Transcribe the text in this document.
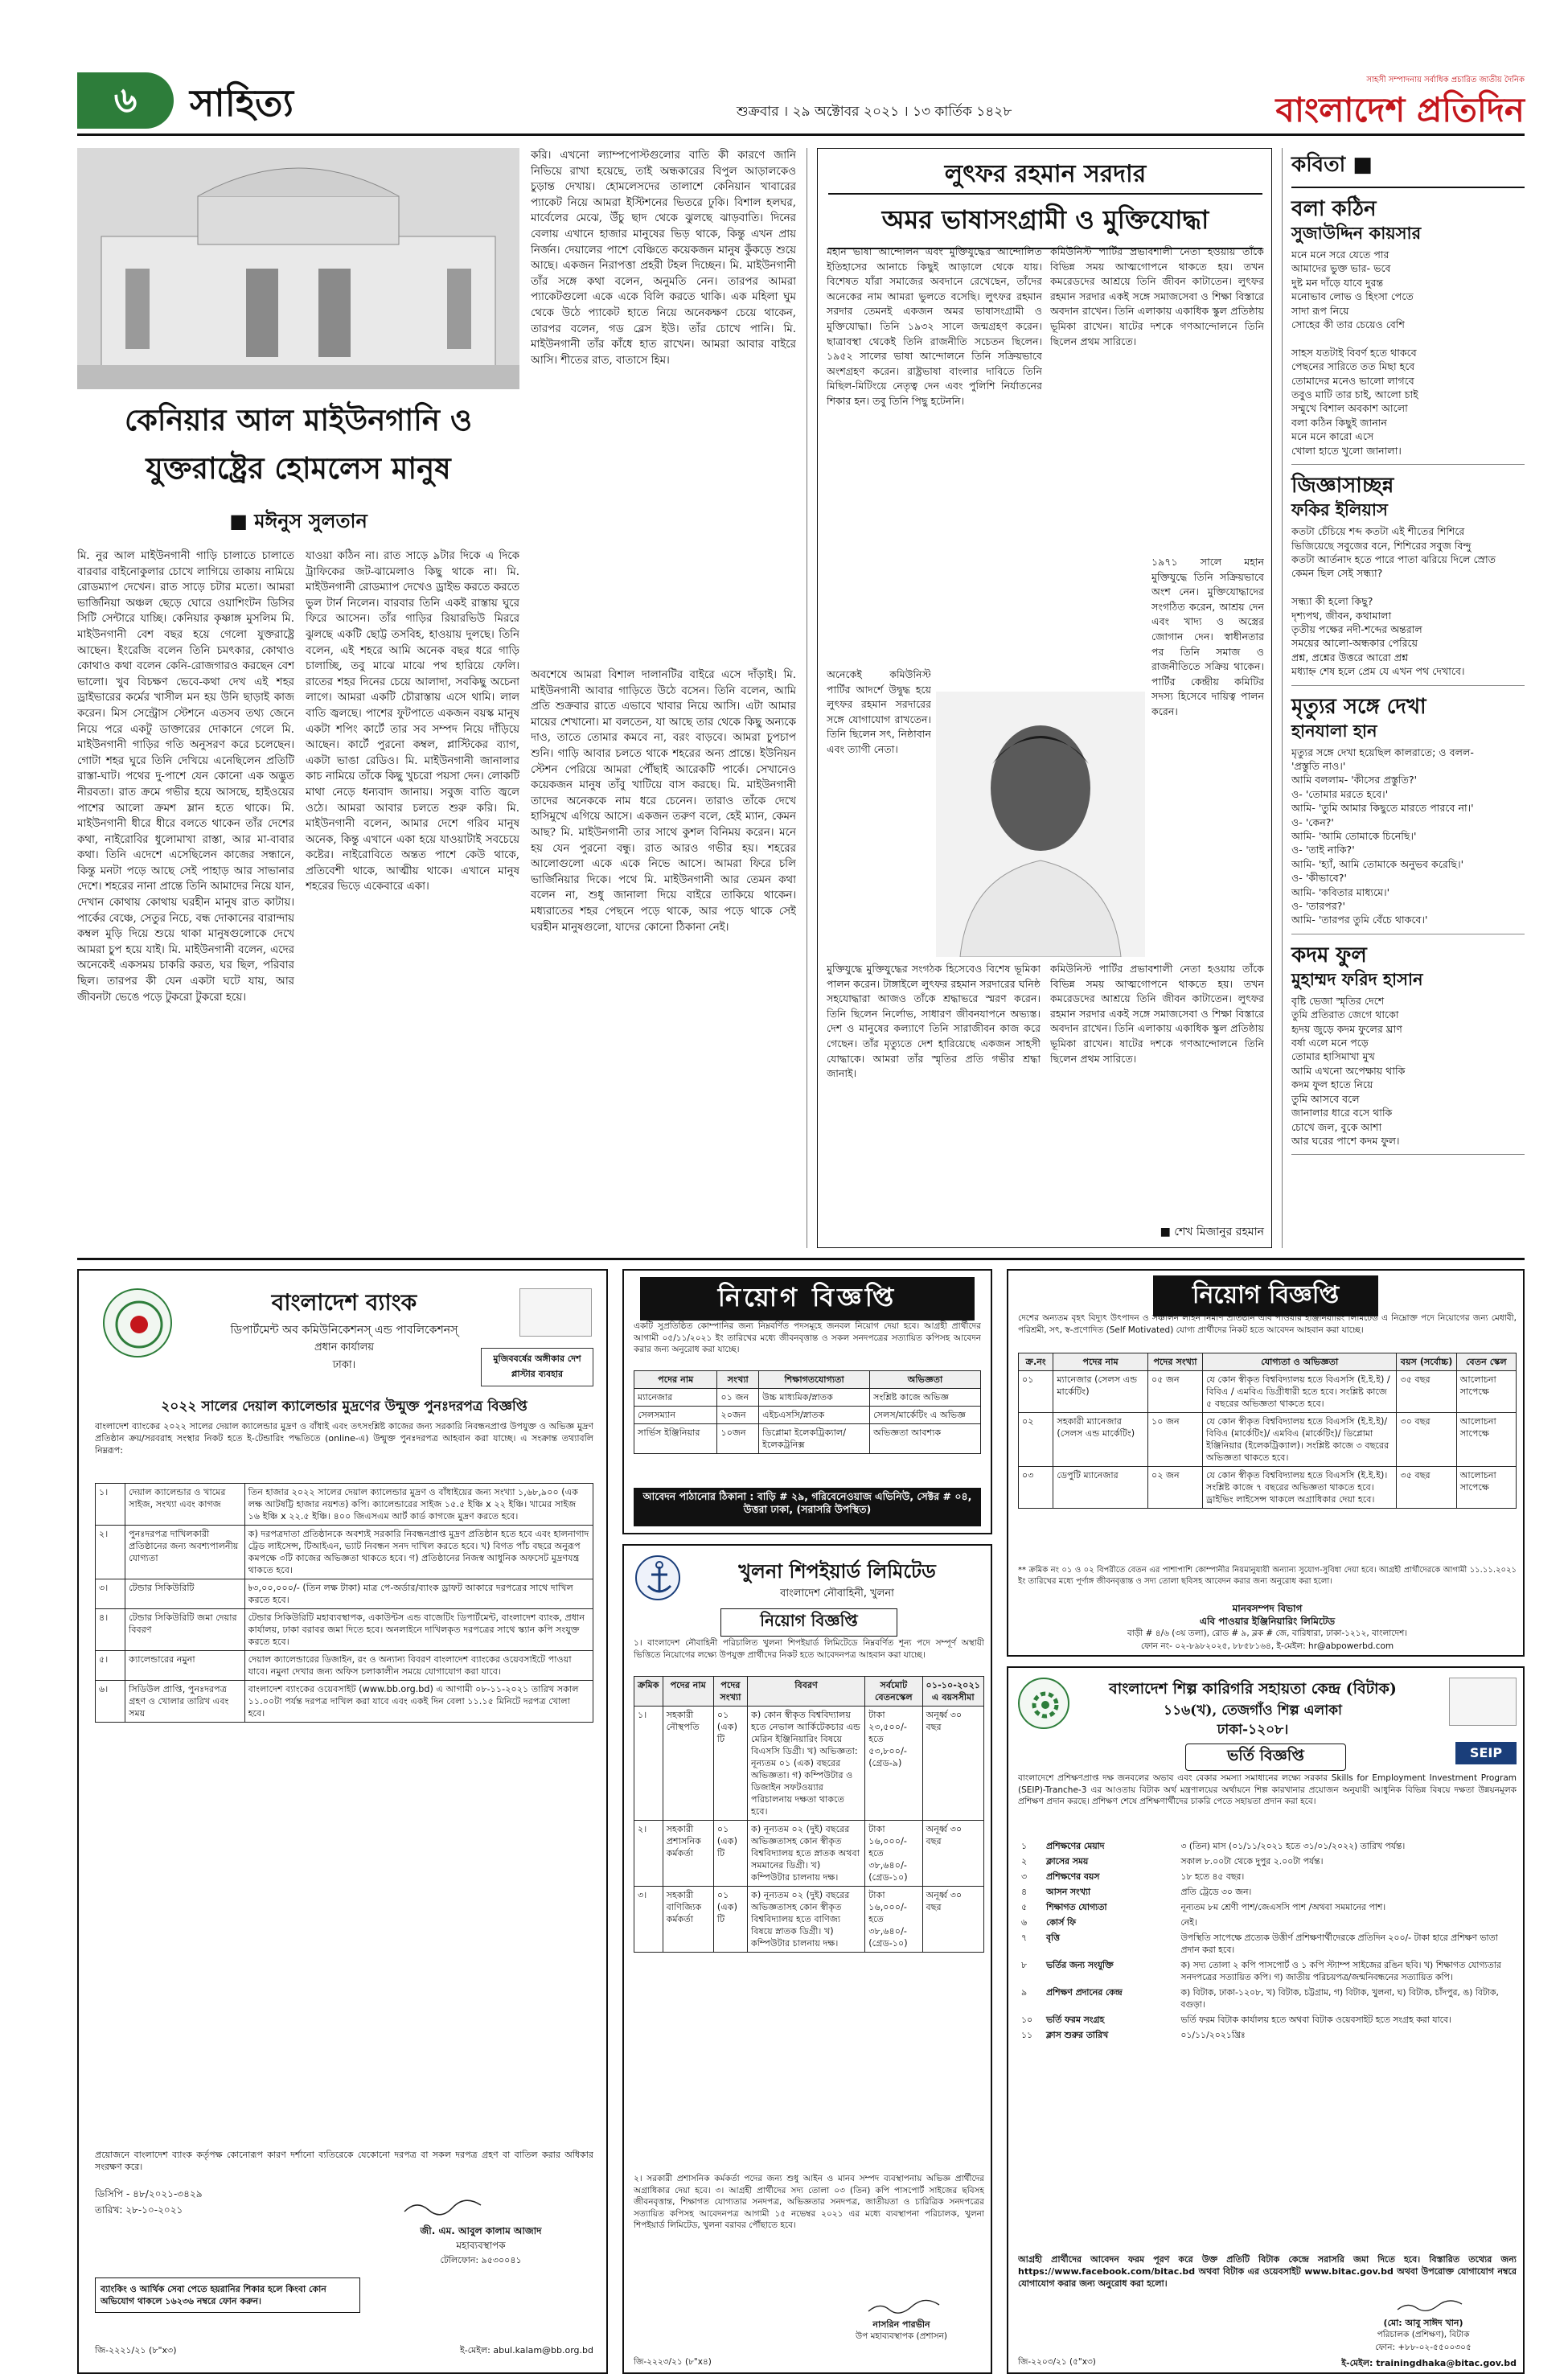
৬	সাহিত্য	শুক্রবার । ২৯ অক্টোবর ২০২১ । ১৩ কার্তিক ১৪২৮
সাহসী সম্পাদনায় সর্বাধিক প্রচারিত জাতীয় দৈনিক
বাংলাদেশ প্রতিদিন
কেনিয়ার আল মাইউনগানি ও
যুক্তরাষ্ট্রের হোমলেস মানুষ
■ মঈনুস সুলতান
মি. নুর আল মাইউনগানী গাড়ি চালাতে চালাতে বারবার বাইনোকুলার চোখে লাগিয়ে তাকায় নামিয়ে রোডম্যাপ দেখেন। রাত সাড়ে চটার মতো। আমরা ভার্জিনিয়া অঞ্চল ছেড়ে ঘোরে ওয়াশিংটন ডিসির সিটি সেন্টারে যাচ্ছি। কেনিয়ার কৃষ্ণাঙ্গ মুসলিম মি. মাইউনগানী বেশ বছর হয়ে গেলো যুক্তরাষ্ট্রে আছেন। ইংরেজি বলেন তিনি চমৎকার, কোথাও কোথাও কথা বলেন কেনি-রোজগারও করছেন বেশ ভালো। খুব বিচক্ষণ ভেবে-কথা দেখ এই শহর ড্রাইভারের কর্মের খাসীল মন হয় উনি ছাড়াই কাজ করেন। মিস সেন্ট্রোস স্টেশনে এতসব তথ্য জেনে নিয়ে পরে একটু ডাক্তারের দোকানে গেলে মি. মাইউনগানী গাড়ির গতি অনুসরণ করে চলেছেন। গোটা শহর ঘুরে তিনি দেখিয়ে এনেছিলেন প্রতিটি রাস্তা-ঘাট। পথের দু-পাশে যেন কোনো এক অদ্ভুত নীরবতা। রাত ক্রমে গভীর হয়ে আসছে, হাইওয়ের পাশের আলো ক্রমশ ম্লান হতে থাকে। মি. মাইউনগানী ধীরে ধীরে বলতে থাকেন তাঁর দেশের কথা, নাইরোবির ধুলোমাখা রাস্তা, আর মা-বাবার কথা। তিনি এদেশে এসেছিলেন কাজের সন্ধানে, কিন্তু মনটা পড়ে আছে সেই পাহাড় আর সাভানার দেশে। শহরের নানা প্রান্তে তিনি আমাদের নিয়ে যান, দেখান কোথায় কোথায় ঘরহীন মানুষ রাত কাটায়। পার্কের বেঞ্চে, সেতুর নিচে, বন্ধ দোকানের বারান্দায় কম্বল মুড়ি দিয়ে শুয়ে থাকা মানুষগুলোকে দেখে আমরা চুপ হয়ে যাই। মি. মাইউনগানী বলেন, এদের অনেকেই একসময় চাকরি করত, ঘর ছিল, পরিবার ছিল। তারপর কী যেন একটা ঘটে যায়, আর জীবনটা ভেঙে পড়ে টুকরো টুকরো হয়ে।
যাওয়া কঠিন না। রাত সাড়ে ৯টার দিকে এ দিকে ট্রাফিকের জট-ঝামেলাও কিছু থাকে না। মি. মাইউনগানী রোডম্যাপ দেখেও ড্রাইভ করতে করতে ভুল টার্ন নিলেন। বারবার তিনি একই রাস্তায় ঘুরে ফিরে আসেন। তাঁর গাড়ির রিয়ারভিউ মিররে ঝুলছে একটি ছোট্ট তসবিহ, হাওয়ায় দুলছে। তিনি বলেন, এই শহরে আমি অনেক বছর ধরে গাড়ি চালাচ্ছি, তবু মাঝে মাঝে পথ হারিয়ে ফেলি। রাতের শহর দিনের চেয়ে আলাদা, সবকিছু অচেনা লাগে। আমরা একটি চৌরাস্তায় এসে থামি। লাল বাতি জ্বলছে। পাশের ফুটপাতে একজন বয়স্ক মানুষ একটা শপিং কার্টে তার সব সম্পদ নিয়ে দাঁড়িয়ে আছেন। কার্টে পুরনো কম্বল, প্লাস্টিকের ব্যাগ, একটা ভাঙা রেডিও। মি. মাইউনগানী জানালার কাচ নামিয়ে তাঁকে কিছু খুচরো পয়সা দেন। লোকটি মাথা নেড়ে ধন্যবাদ জানায়। সবুজ বাতি জ্বলে ওঠে। আমরা আবার চলতে শুরু করি। মি. মাইউনগানী বলেন, আমার দেশে গরিব মানুষ অনেক, কিন্তু এখানে একা হয়ে যাওয়াটাই সবচেয়ে কষ্টের। নাইরোবিতে অন্তত পাশে কেউ থাকে, প্রতিবেশী থাকে, আত্মীয় থাকে। এখানে মানুষ শহরের ভিড়ে একেবারে একা।
করি। এখনো ল্যাম্পপোস্টগুলোর বাতি কী কারণে জানি নিভিয়ে রাখা হয়েছে, তাই অন্ধকারের বিপুল আড়ালকেও চুড়ান্ত দেখায়। হোমলেসদের তালাশে কেনিয়ান খাবারের প্যাকেট নিয়ে আমরা ইস্টিশনের ভিতরে ঢুকি। বিশাল হলঘর, মার্বেলের মেঝে, উঁচু ছাদ থেকে ঝুলছে ঝাড়বাতি। দিনের বেলায় এখানে হাজার মানুষের ভিড় থাকে, কিন্তু এখন প্রায় নির্জন। দেয়ালের পাশে বেঞ্চিতে কয়েকজন মানুষ কুঁকড়ে শুয়ে আছে। একজন নিরাপত্তা প্রহরী টহল দিচ্ছেন। মি. মাইউনগানী তাঁর সঙ্গে কথা বলেন, অনুমতি নেন। তারপর আমরা প্যাকেটগুলো একে একে বিলি করতে থাকি। এক মহিলা ঘুম থেকে উঠে প্যাকেট হাতে নিয়ে অনেকক্ষণ চেয়ে থাকেন, তারপর বলেন, গড ব্লেস ইউ। তাঁর চোখে পানি। মি. মাইউনগানী তাঁর কাঁধে হাত রাখেন। আমরা আবার বাইরে আসি। শীতের রাত, বাতাসে হিম।
অবশেষে আমরা বিশাল দালানটির বাইরে এসে দাঁড়াই। মি. মাইউনগানী আবার গাড়িতে উঠে বসেন। তিনি বলেন, আমি প্রতি শুক্রবার রাতে এভাবে খাবার নিয়ে আসি। এটা আমার মায়ের শেখানো। মা বলতেন, যা আছে তার থেকে কিছু অন্যকে দাও, তাতে তোমার কমবে না, বরং বাড়বে। আমরা চুপচাপ শুনি। গাড়ি আবার চলতে থাকে শহরের অন্য প্রান্তে। ইউনিয়ন স্টেশন পেরিয়ে আমরা পৌঁছাই আরেকটি পার্কে। সেখানেও কয়েকজন মানুষ তাঁবু খাটিয়ে বাস করছে। মি. মাইউনগানী তাদের অনেককে নাম ধরে চেনেন। তারাও তাঁকে দেখে হাসিমুখে এগিয়ে আসে। একজন তরুণ বলে, হেই ম্যান, কেমন আছ? মি. মাইউনগানী তার সাথে কুশল বিনিময় করেন। মনে হয় যেন পুরনো বন্ধু। রাত আরও গভীর হয়। শহরের আলোগুলো একে একে নিভে আসে। আমরা ফিরে চলি ভার্জিনিয়ার দিকে। পথে মি. মাইউনগানী আর তেমন কথা বলেন না, শুধু জানালা দিয়ে বাইরে তাকিয়ে থাকেন। মধ্যরাতের শহর পেছনে পড়ে থাকে, আর পড়ে থাকে সেই ঘরহীন মানুষগুলো, যাদের কোনো ঠিকানা নেই।
লুৎফর রহমান সরদার
অমর ভাষাসংগ্রামী ও মুক্তিযোদ্ধা
মহান ভাষা আন্দোলন এবং মুক্তিযুদ্ধের আন্দোলিত ইতিহাসের আনাচে কিছুই আড়ালে থেকে যায়। বিশেষত যাঁরা সমাজের অবদানে রেখেছেন, তাঁদের অনেকের নাম আমরা ভুলতে বসেছি। লুৎফর রহমান সরদার তেমনই একজন অমর ভাষাসংগ্রামী ও মুক্তিযোদ্ধা। তিনি ১৯৩২ সালে জন্মগ্রহণ করেন। ছাত্রাবস্থা থেকেই তিনি রাজনীতি সচেতন ছিলেন। ১৯৫২ সালের ভাষা আন্দোলনে তিনি সক্রিয়ভাবে অংশগ্রহণ করেন। রাষ্ট্রভাষা বাংলার দাবিতে তিনি মিছিল-মিটিংয়ে নেতৃত্ব দেন এবং পুলিশি নির্যাতনের শিকার হন। তবু তিনি পিছু হটেননি।
কমিউনিস্ট পার্টির প্রভাবশালী নেতা হওয়ায় তাঁকে বিভিন্ন সময় আত্মগোপনে থাকতে হয়। তখন কমরেডদের আশ্রয়ে তিনি জীবন কাটাতেন। লুৎফর রহমান সরদার একই সঙ্গে সমাজসেবা ও শিক্ষা বিস্তারে অবদান রাখেন। তিনি এলাকায় একাধিক স্কুল প্রতিষ্ঠায় ভূমিকা রাখেন। ষাটের দশকে গণআন্দোলনে তিনি ছিলেন প্রথম সারিতে।
অনেকেই কমিউনিস্ট পার্টির আদর্শে উদ্বুদ্ধ হয়ে লুৎফর রহমান সরদারের সঙ্গে যোগাযোগ রাখতেন। তিনি ছিলেন সৎ, নিষ্ঠাবান এবং ত্যাগী নেতা।
১৯৭১ সালে মহান মুক্তিযুদ্ধে তিনি সক্রিয়ভাবে অংশ নেন। মুক্তিযোদ্ধাদের সংগঠিত করেন, আশ্রয় দেন এবং খাদ্য ও অস্ত্রের জোগান দেন। স্বাধীনতার পর তিনি সমাজ ও রাজনীতিতে সক্রিয় থাকেন। পার্টির কেন্দ্রীয় কমিটির সদস্য হিসেবে দায়িত্ব পালন করেন।
মুক্তিযুদ্ধে মুক্তিযুদ্ধের সংগঠক হিসেবেও বিশেষ ভূমিকা পালন করেন। টাঙ্গাইলে লুৎফর রহমান সরদারের ঘনিষ্ঠ সহযোদ্ধারা আজও তাঁকে শ্রদ্ধাভরে স্মরণ করেন। তিনি ছিলেন নির্লোভ, সাধারণ জীবনযাপনে অভ্যস্ত। দেশ ও মানুষের কল্যাণে তিনি সারাজীবন কাজ করে গেছেন। তাঁর মৃত্যুতে দেশ হারিয়েছে একজন সাহসী যোদ্ধাকে। আমরা তাঁর স্মৃতির প্রতি গভীর শ্রদ্ধা জানাই।
কমিউনিস্ট পার্টির প্রভাবশালী নেতা হওয়ায় তাঁকে বিভিন্ন সময় আত্মগোপনে থাকতে হয়। তখন কমরেডদের আশ্রয়ে তিনি জীবন কাটাতেন। লুৎফর রহমান সরদার একই সঙ্গে সমাজসেবা ও শিক্ষা বিস্তারে অবদান রাখেন। তিনি এলাকায় একাধিক স্কুল প্রতিষ্ঠায় ভূমিকা রাখেন। ষাটের দশকে গণআন্দোলনে তিনি ছিলেন প্রথম সারিতে।
■ শেখ মিজানুর রহমান
কবিতা ■
বলা কঠিন
সুজাউদ্দিন কায়সার
মনে মনে সরে যেতে পার
আমাদের ভুক্ত ভার- ভবে
দুষ্ট মন দাঁড়ে যাবে দুরন্ত
মনোভাব লোভ ও হিংসা পেতে
সাদা রূপ নিয়ে
সোহের কী তার চেয়েও বেশি

সাহস যতটাই বিবর্ণ হতে থাকবে
পেছনের সারিতে তত মিছা হবে
তোমাদের মনেও ভালো লাগবে
তবুও মাটি তার চাই, আলো চাই
সম্মুখে বিশাল অবকাশ আলো
বলা কঠিন কিছুই জানান
মনে মনে কারো এসে
খোলা হাতে খুলো জানালা।
জিজ্ঞাসাচ্ছন্ন
ফকির ইলিয়াস
কতটা চেঁচিয়ে শব্দ কতটা এই শীতের শিশিরে
ভিজিয়েছে সবুজের বনে, শিশিরের সবুজ বিন্দু
কতটা আর্তনাদ হতে পারে পাতা ঝরিয়ে দিলে স্রোত
কেমন ছিল সেই সন্ধ্যা?

সন্ধ্যা কী হলো কিছু?
দৃশ্যপথ, জীবন, কথামালা
তৃতীয় পক্ষের নদী-শব্দের অন্তরাল
সময়ের আলো-অন্ধকার পেরিয়ে
প্রশ্ন, প্রশ্নের উত্তরে আরো প্রশ্ন
মধ্যাহ্ন শেষ হলে প্রেম যে এখন পথ দেখাবে।
মৃত্যুর সঙ্গে দেখা
হানযালা হান
মৃত্যুর সঙ্গে দেখা হয়েছিল কালরাতে; ও বলল-
'প্রস্তুতি নাও।'
আমি বললাম- 'কীসের প্রস্তুতি?'
ও- 'তোমার মরতে হবে।'
আমি- 'তুমি আমার কিছুতে মারতে পারবে না।'
ও- 'কেন?'
আমি- 'আমি তোমাকে চিনেছি।'
ও- 'তাই নাকি?'
আমি- 'হ্যাঁ, আমি তোমাকে অনুভব করেছি।'
ও- 'কীভাবে?'
আমি- 'কবিতার মাধ্যমে।'
ও- 'তারপর?'
আমি- 'তারপর তুমি বেঁচে থাকবে।'
কদম ফুল
মুহাম্মদ ফরিদ হাসান
বৃষ্টি ভেজা স্মৃতির দেশে
তুমি প্রতিরাত জেগে থাকো
হৃদয় জুড়ে কদম ফুলের ঘ্রাণ
বর্ষা এলে মনে পড়ে
তোমার হাসিমাখা মুখ
আমি এখনো অপেক্ষায় থাকি
কদম ফুল হাতে নিয়ে
তুমি আসবে বলে
জানালার ধারে বসে থাকি
চোখে জল, বুকে আশা
আর ঘরের পাশে কদম ফুল।
বাংলাদেশ ব্যাংক
ডিপার্টমেন্ট অব কমিউনিকেশনস্ এন্ড পাবলিকেশনস্
প্রধান কার্যালয়
ঢাকা।
মুজিববর্ষের অঙ্গীকার দেশ প্লাস্টার ব্যবহার
২০২২ সালের দেয়াল ক্যালেন্ডার মুদ্রণের উন্মুক্ত পুনঃদরপত্র বিজ্ঞপ্তি
বাংলাদেশ ব্যাংকের ২০২২ সালের দেয়াল ক্যালেন্ডার মুদ্রণ ও বাঁধাই এবং তৎসংশ্লিষ্ট কাজের জন্য সরকারি নিবন্ধনপ্রাপ্ত উপযুক্ত ও অভিজ্ঞ মুদ্রণ প্রতিষ্ঠান ক্রয়/সরবরাহ সংস্থার নিকট হতে ই-টেন্ডারিং পদ্ধতিতে (online-এ) উন্মুক্ত পুনঃদরপত্র আহবান করা যাচ্ছে। এ সংক্রান্ত তথ্যাবলি নিম্নরূপ:
১।	দেয়াল ক্যালেন্ডার ও খামের সাইজ, সংখ্যা এবং কাগজ	তিন হাজার ২০২২ সালের দেয়াল ক্যালেন্ডার মুদ্রণ ও বাঁধাইয়ের জন্য সংখ্যা ১,৬৮,৯০০ (এক লক্ষ আটষট্টি হাজার নয়শত) কপি। ক্যালেন্ডারের সাইজ ১৫.৫ ইঞ্চি x ২২ ইঞ্চি। খামের সাইজ ১৬ ইঞ্চি x ২২.৫ ইঞ্চি। ৪০০ জিএসএম আর্ট কার্ড কাগজে মুদ্রণ করতে হবে।
২।	পুনঃদরপত্র দাখিলকারী প্রতিষ্ঠানের জন্য অবশ্যপালনীয় যোগ্যতা	ক) দরপত্রদাতা প্রতিষ্ঠানকে অবশ্যই সরকারি নিবন্ধনপ্রাপ্ত মুদ্রণ প্রতিষ্ঠান হতে হবে এবং হালনাগাদ ট্রেড লাইসেন্স, টিআইএন, ভ্যাট নিবন্ধন সনদ দাখিল করতে হবে। খ) বিগত পাঁচ বছরে অনুরূপ কমপক্ষে ৩টি কাজের অভিজ্ঞতা থাকতে হবে। গ) প্রতিষ্ঠানের নিজস্ব আধুনিক অফসেট মুদ্রণযন্ত্র থাকতে হবে।
৩।	টেন্ডার সিকিউরিটি	৳৩,০০,০০০/- (তিন লক্ষ টাকা) মাত্র পে-অর্ডার/ব্যাংক ড্রাফট আকারে দরপত্রের সাথে দাখিল করতে হবে।
৪।	টেন্ডার সিকিউরিটি জমা দেয়ার বিবরণ	টেন্ডার সিকিউরিটি মহাব্যবস্থাপক, একাউন্টস এন্ড বাজেটিং ডিপার্টমেন্ট, বাংলাদেশ ব্যাংক, প্রধান কার্যালয়, ঢাকা বরাবর জমা দিতে হবে। অনলাইনে দাখিলকৃত দরপত্রের সাথে স্ক্যান কপি সংযুক্ত করতে হবে।
৫।	ক্যালেন্ডারের নমুনা	দেয়াল ক্যালেন্ডারের ডিজাইন, রং ও অন্যান্য বিবরণ বাংলাদেশ ব্যাংকের ওয়েবসাইটে পাওয়া যাবে। নমুনা দেখার জন্য অফিস চলাকালীন সময়ে যোগাযোগ করা যাবে।
৬।	সিডিউল প্রাপ্তি, পুনঃদরপত্র গ্রহণ ও খোলার তারিখ এবং সময়	বাংলাদেশ ব্যাংকের ওয়েবসাইট (www.bb.org.bd) এ আগামী ০৮-১১-২০২১ তারিখ সকাল ১১.০০টা পর্যন্ত দরপত্র দাখিল করা যাবে এবং একই দিন বেলা ১১.১৫ মিনিটে দরপত্র খোলা হবে।
প্রয়োজনে বাংলাদেশ ব্যাংক কর্তৃপক্ষ কোনোরূপ কারণ দর্শানো ব্যতিরেকে যেকোনো দরপত্র বা সকল দরপত্র গ্রহণ বা বাতিল করার অধিকার সংরক্ষণ করে।
ডিসিপি - ৪৮/২০২১-৩৪২৯
তারিখ: ২৮-১০-২০২১
জী. এম. আবুল কালাম আজাদ
মহাব্যবস্থাপক
টেলিফোন: ৯৫৩০০৪১
ব্যাংকিং ও আর্থিক সেবা পেতে হয়রানির শিকার হলে কিংবা কোন অভিযোগ থাকলে ১৬২৩৬ নম্বরে ফোন করুন।
জি-২২২১/২১ (৮"x৩)	ই-মেইল: abul.kalam@bb.org.bd
নিয়োগ বিজ্ঞপ্তি
একটি সুপ্রতিষ্ঠিত কোম্পানির জন্য নিম্নবর্ণিত পদসমূহে জনবল নিয়োগ দেয়া হবে। আগ্রহী প্রার্থীদের আগামী ০৫/১১/২০২১ ইং তারিখের মধ্যে জীবনবৃত্তান্ত ও সকল সনদপত্রের সত্যায়িত কপিসহ আবেদন করার জন্য অনুরোধ করা যাচ্ছে।
পদের নাম	সংখ্যা	শিক্ষাগতযোগ্যতা	অভিজ্ঞতা
ম্যানেজার	০১ জন	উচ্চ মাধ্যমিক/স্নাতক	সংশ্লিষ্ট কাজে অভিজ্ঞ
সেলসম্যান	২০জন	এইচএসসি/স্নাতক	সেলস/মার্কেটিং এ অভিজ্ঞ
সার্ভিস ইঞ্জিনিয়ার	১০জন	ডিপ্লোমা ইলেকট্রিক্যাল/ইলেকট্রনিক্স	অভিজ্ঞতা আবশ্যক
আবেদন পাঠানোর ঠিকানা : বাড়ি # ২৯, গরিবেনেওয়াজ এভিনিউ, সেক্টর # ০৪, উত্তরা ঢাকা, (সরাসরি উপস্থিত)
খুলনা শিপইয়ার্ড লিমিটেড
বাংলাদেশ নৌবাহিনী, খুলনা
নিয়োগ বিজ্ঞপ্তি
১। বাংলাদেশ নৌবাহিনী পরিচালিত খুলনা শিপইয়ার্ড লিমিটেডে নিম্নবর্ণিত শূন্য পদে সম্পূর্ণ অস্থায়ী ভিত্তিতে নিয়োগের লক্ষ্যে উপযুক্ত প্রার্থীদের নিকট হতে আবেদনপত্র আহবান করা যাচ্ছে।
ক্রমিক	পদের নাম	পদের সংখ্যা	বিবরণ	সর্বমোট বেতনস্কেল	০১-১০-২০২১ এ বয়সসীমা
১।	সহকারী নৌস্থপতি	০১ (এক) টি	ক) কোন স্বীকৃত বিশ্ববিদ্যালয় হতে নেভাল আর্কিটেকচার এন্ড মেরিন ইঞ্জিনিয়ারিং বিষয়ে বিএসসি ডিগ্রী। খ) অভিজ্ঞতা: নূন্যতম ০১ (এক) বছরের অভিজ্ঞতা। গ) কম্পিউটার ও ডিজাইন সফটওয়্যার পরিচালনায় দক্ষতা থাকতে হবে।	টাকা ২৩,৫০০/- হতে ৫৩,৮০০/- (গ্রেড-৯)	অনূর্ধ্ব ৩০ বছর
২।	সহকারী প্রশাসনিক কর্মকর্তা	০১ (এক) টি	ক) নূন্যতম ০২ (দুই) বছরের অভিজ্ঞতাসহ কোন স্বীকৃত বিশ্ববিদ্যালয় হতে স্নাতক অথবা সমমানের ডিগ্রী। খ) কম্পিউটার চালনায় দক্ষ।	টাকা ১৬,০০০/- হতে ৩৮,৬৪০/- (গ্রেড-১০)	অনূর্ধ্ব ৩০ বছর
৩।	সহকারী বাণিজ্যিক কর্মকর্তা	০১ (এক) টি	ক) নূন্যতম ০২ (দুই) বছরের অভিজ্ঞতাসহ কোন স্বীকৃত বিশ্ববিদ্যালয় হতে বাণিজ্য বিষয়ে স্নাতক ডিগ্রী। খ) কম্পিউটার চালনায় দক্ষ।	টাকা ১৬,০০০/- হতে ৩৮,৬৪০/- (গ্রেড-১০)	অনূর্ধ্ব ৩০ বছর
২। সরকারী প্রশাসনিক কর্মকর্তা পদের জন্য শুধু আইন ও মানব সম্পদ ব্যবস্থাপনায় অভিজ্ঞ প্রার্থীদের অগ্রাধিকার দেয়া হবে। ৩। আগ্রহী প্রার্থীদের সদ্য তোলা ০৩ (তিন) কপি পাসপোর্ট সাইজের ছবিসহ জীবনবৃত্তান্ত, শিক্ষাগত যোগ্যতার সনদপত্র, অভিজ্ঞতার সনদপত্র, জাতীয়তা ও চারিত্রিক সনদপত্রের সত্যায়িত কপিসহ আবেদনপত্র আগামী ১৫ নভেম্বর ২০২১ এর মধ্যে ব্যবস্থাপনা পরিচালক, খুলনা শিপইয়ার্ড লিমিটেড, খুলনা বরাবর পৌঁছাতে হবে।
নাসরিন পারভীন
উপ মহাব্যবস্থাপক (প্রশাসন)
জি-২২২৩/২১ (৮"x৪)
নিয়োগ বিজ্ঞপ্তি
দেশের অন্যতম বৃহৎ বিদ্যুৎ উৎপাদন ও সঞ্চালন লাইন নির্মাণ প্রতিষ্ঠান এবি পাওয়ার ইঞ্জিনিয়ারিং লিমিটেড এ নিম্নোক্ত পদে নিয়োগের জন্য মেধাবী, পরিশ্রমী, সৎ, স্ব-প্রণোদিত (Self Motivated) যোগ্য প্রার্থীদের নিকট হতে আবেদন আহবান করা যাচ্ছে।
ক্র.নং	পদের নাম	পদের সংখ্যা	যোগ্যতা ও অভিজ্ঞতা	বয়স (সর্বোচ্চ)	বেতন স্কেল
০১	ম্যানেজার (সেলস এন্ড মার্কেটিং)	০৫ জন	যে কোন স্বীকৃত বিশ্ববিদ্যালয় হতে বিএসসি (ই.ই.ই) / বিবিএ / এমবিএ ডিগ্রীধারী হতে হবে। সংশ্লিষ্ট কাজে ৫ বছরের অভিজ্ঞতা থাকতে হবে।	৩৫ বছর	আলোচনা সাপেক্ষে
০২	সহকারী ম্যানেজার (সেলস এন্ড মার্কেটিং)	১০ জন	যে কোন স্বীকৃত বিশ্ববিদ্যালয় হতে বিএসসি (ই.ই.ই)/ বিবিএ (মার্কেটিং)/ এমবিএ (মার্কেটিং)/ ডিপ্লোমা ইঞ্জিনিয়ার (ইলেকট্রিক্যাল)। সংশ্লিষ্ট কাজে ৩ বছরের অভিজ্ঞতা থাকতে হবে।	৩০ বছর	আলোচনা সাপেক্ষে
০৩	ডেপুটি ম্যানেজার	০২ জন	যে কোন স্বীকৃত বিশ্ববিদ্যালয় হতে বিএসসি (ই.ই.ই)। সংশ্লিষ্ট কাজে ৭ বছরের অভিজ্ঞতা থাকতে হবে। ড্রাইভিং লাইসেন্স থাকলে অগ্রাধিকার দেয়া হবে।	৩৫ বছর	আলোচনা সাপেক্ষে
** ক্রমিক নং ০১ ও ০২ বিপরীতে বেতন এর পাশাপাশি কোম্পানীর নিয়মানুযায়ী অন্যান্য সুযোগ-সুবিধা দেয়া হবে। আগ্রহী প্রার্থীদেরকে আগামী ১১.১১.২০২১ ইং তারিখের মধ্যে পূর্ণাঙ্গ জীবনবৃত্তান্ত ও সদ্য তোলা ছবিসহ আবেদন করার জন্য অনুরোধ করা হলো।
মানবসম্পদ বিভাগ
এবি পাওয়ার ইঞ্জিনিয়ারিং লিমিটেড
বাড়ী # ৪/৬ (৩য় তলা), রোড # ৯, ব্লক # জে, বারিধারা, ঢাকা-১২১২, বাংলাদেশ।
ফোন নং- ০২-৮৯৮২০২৫, ৮৮৫৮১৬৪, ই-মেইল: hr@abpowerbd.com
বাংলাদেশ শিল্প কারিগরি সহায়তা কেন্দ্র (বিটাক)
১১৬(খ), তেজগাঁও শিল্প এলাকা
ঢাকা-১২০৮।
ভর্তি বিজ্ঞপ্তি	SEIP
বাংলাদেশে প্রশিক্ষণপ্রাপ্ত দক্ষ জনবলের অভাব এবং বেকার সমস্যা সমাধানের লক্ষ্যে সরকার Skills for Employment Investment Program (SEIP)-Tranche-3 এর আওতায় বিটাক অর্থ মন্ত্রণালয়ের অর্থায়নে শিল্প কারখানার প্রয়োজন অনুযায়ী আধুনিক বিভিন্ন বিষয়ে দক্ষতা উন্নয়নমূলক প্রশিক্ষণ প্রদান করছে। প্রশিক্ষণ শেষে প্রশিক্ষণার্থীদের চাকরি পেতে সহায়তা প্রদান করা হবে।
১	প্রশিক্ষণের মেয়াদ	৩ (তিন) মাস (০১/১১/২০২১ হতে ৩১/০১/২০২২) তারিখ পর্যন্ত।
২	ক্লাসের সময়	সকাল ৮.০০টা থেকে দুপুর ২.০০টা পর্যন্ত।
৩	প্রশিক্ষণের বয়স	১৮ হতে ৪৫ বছর।
৪	আসন সংখ্যা	প্রতি ট্রেডে ৩০ জন।
৫	শিক্ষাগত যোগ্যতা	নূন্যতম ৮ম শ্রেণী পাশ/জেএসসি পাশ /অথবা সমমানের পাশ।
৬	কোর্স ফি	নেই।
৭	বৃত্তি	উপস্থিতি সাপেক্ষে প্রত্যেক উত্তীর্ণ প্রশিক্ষণার্থীদেরকে প্রতিদিন ২০০/- টাকা হারে প্রশিক্ষণ ভাতা প্রদান করা হবে।
৮	ভর্তির জন্য সংযুক্তি	ক) সদ্য তোলা ২ কপি পাসপোর্ট ও ১ কপি স্ট্যাম্প সাইজের রঙিন ছবি। খ) শিক্ষাগত যোগ্যতার সনদপত্রের সত্যায়িত কপি। গ) জাতীয় পরিচয়পত্র/জন্মনিবন্ধনের সত্যায়িত কপি।
৯	প্রশিক্ষণ প্রদানের কেন্দ্র	ক) বিটাক, ঢাকা-১২০৮, খ) বিটাক, চট্টগ্রাম, গ) বিটাক, খুলনা, ঘ) বিটাক, চাঁদপুর, ঙ) বিটাক, বগুড়া।
১০	ভর্তি ফরম সংগ্রহ	ভর্তি ফরম বিটাক কার্যালয় হতে অথবা বিটাক ওয়েবসাইট হতে সংগ্রহ করা যাবে।
১১	ক্লাস শুরুর তারিখ	০১/১১/২০২১খ্রিঃ
আগ্রহী প্রার্থীদের আবেদন ফরম পূরণ করে উক্ত প্রতিটি বিটাক কেন্দ্রে সরাসরি জমা দিতে হবে। বিস্তারিত তথ্যের জন্য https://www.facebook.com/bitac.bd অথবা বিটাক এর ওয়েবসাইট www.bitac.gov.bd অথবা উপরোক্ত যোগাযোগ নম্বরে যোগাযোগ করার জন্য অনুরোধ করা হলো।
(মো: আবু সাঈদ খান)
পরিচালক (প্রশিক্ষণ), বিটাক
ফোন: +৮৮-০২-৫৫০০৩০৫
জি-২২০৩/২১ (৫"x৩)	ই-মেইল: trainingdhaka@bitac.gov.bd
